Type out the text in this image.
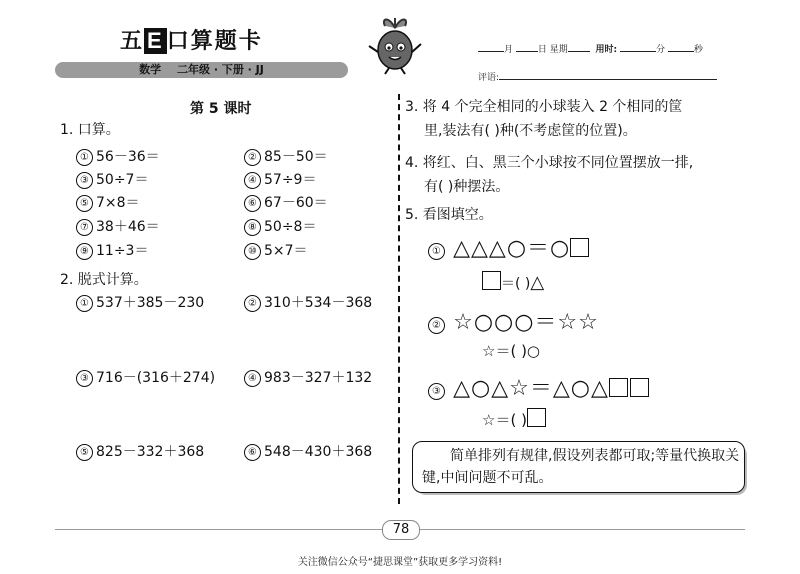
五 E 口算题卡
数学 二年级 · 下册 · JJ
月	日 星期	用时:	分	秒
评语:
第 5 课时
1. 口算。
① 56－36＝	② 85－50＝
③ 50÷7＝	④ 57÷9＝
⑤ 7×8＝	⑥ 67－60＝
⑦ 38＋46＝	⑧ 50÷8＝
⑨ 11÷3＝	⑩ 5×7＝
2. 脱式计算。
① 537＋385－230	② 310＋534－368
③ 716－(316＋274)	④ 983－327＋132
⑤ 825－332＋368	⑥ 548－430＋368
3. 将 4 个完全相同的小球装入 2 个相同的筐
里,装法有( )种(不考虑筐的位置)。
4. 将红、白、黑三个小球按不同位置摆放一排,
有( )种摆法。
5. 看图填空。
① △△△○＝○
＝( )△
② ☆○○○＝☆☆
☆＝( )○
③ △○△☆＝△○△
☆＝( )
简单排列有规律,假设列表都可取;等量代换取关键,中间问题不可乱。
78
关注微信公众号“捷思课堂”获取更多学习资料!
